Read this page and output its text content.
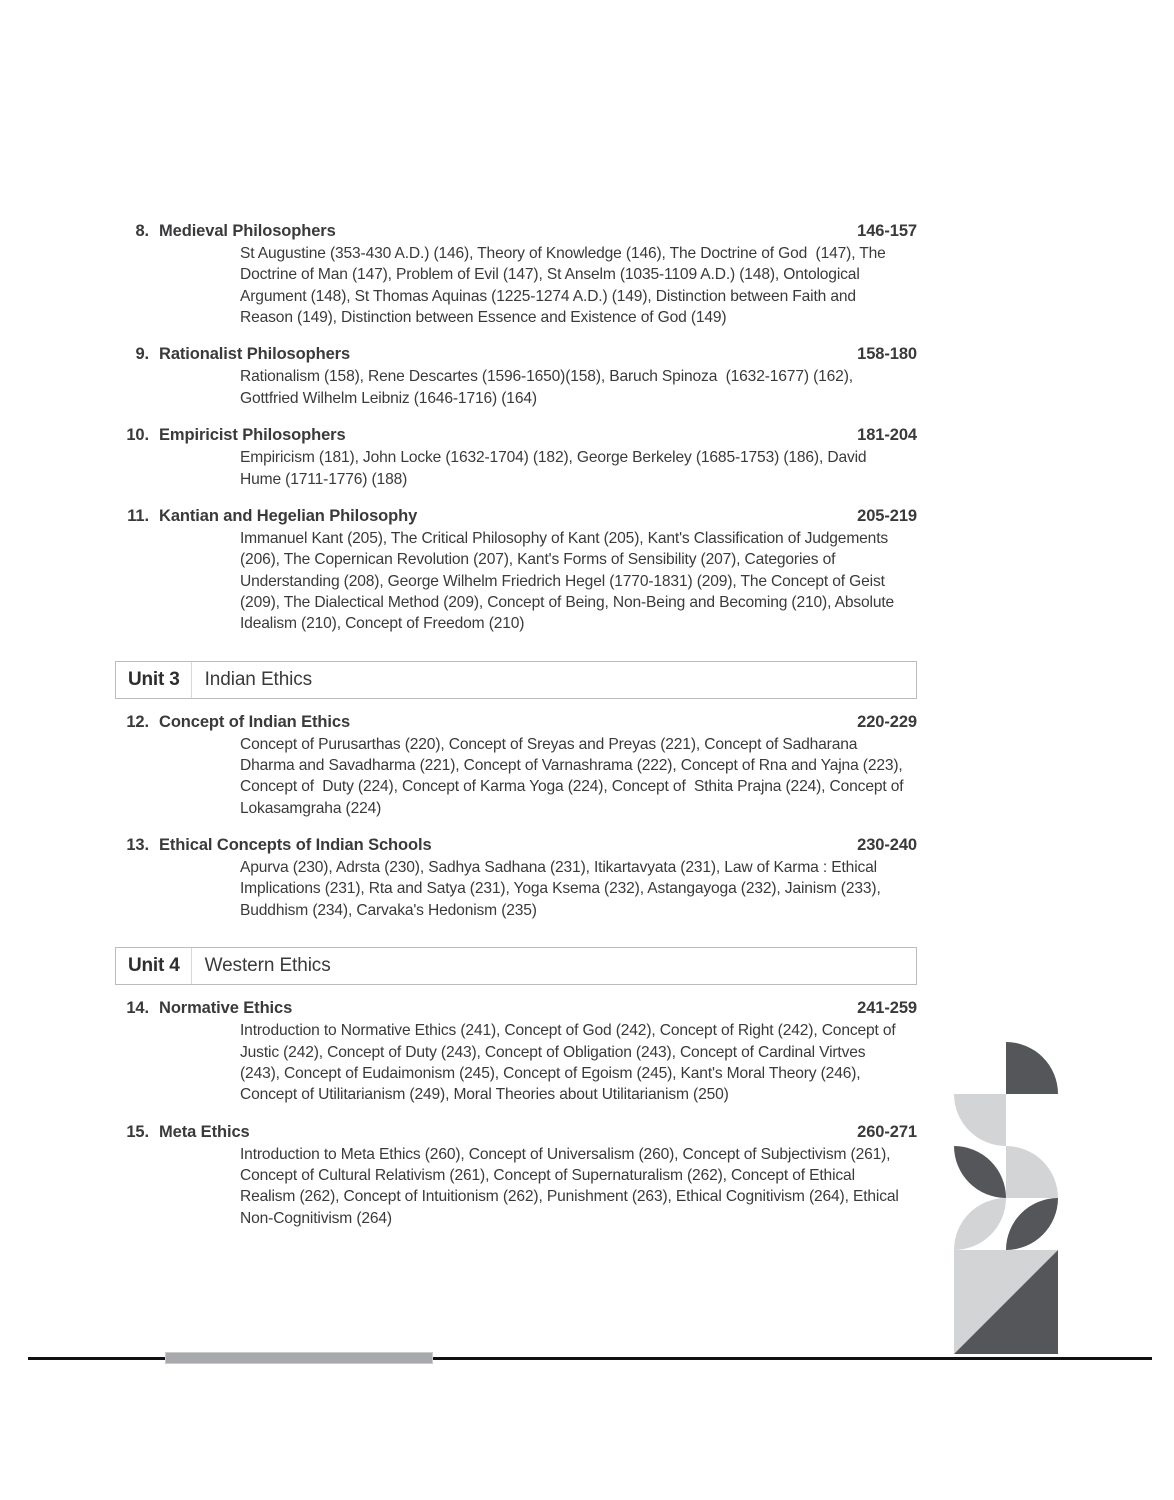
8. Medieval Philosophers	146-157
St Augustine (353-430 A.D.) (146), Theory of Knowledge (146), The Doctrine of God  (147), The Doctrine of Man (147), Problem of Evil (147), St Anselm (1035-1109 A.D.) (148), Ontological Argument (148), St Thomas Aquinas (1225-1274 A.D.) (149), Distinction between Faith and Reason (149), Distinction between Essence and Existence of God (149)
9. Rationalist Philosophers	158-180
Rationalism (158), Rene Descartes (1596-1650)(158), Baruch Spinoza  (1632-1677) (162), Gottfried Wilhelm Leibniz (1646-1716) (164)
10. Empiricist Philosophers	181-204
Empiricism (181), John Locke (1632-1704) (182), George Berkeley (1685-1753) (186), David Hume (1711-1776) (188)
11. Kantian and Hegelian Philosophy	205-219
Immanuel Kant (205), The Critical Philosophy of Kant (205), Kant's Classification of Judgements  (206), The Copernican Revolution (207), Kant's Forms of Sensibility (207), Categories of Understanding (208), George Wilhelm Friedrich Hegel (1770-1831) (209), The Concept of Geist (209), The Dialectical Method (209), Concept of Being, Non-Being and Becoming (210), Absolute Idealism (210), Concept of Freedom (210)
Unit 3	Indian Ethics
12. Concept of Indian Ethics	220-229
Concept of Purusarthas (220), Concept of Sreyas and Preyas (221), Concept of Sadharana Dharma and Savadharma (221), Concept of Varnashrama (222), Concept of Rna and Yajna (223), Concept of  Duty (224), Concept of Karma Yoga (224), Concept of  Sthita Prajna (224), Concept of Lokasamgraha (224)
13. Ethical Concepts of Indian Schools	230-240
Apurva (230), Adrsta (230), Sadhya Sadhana (231), Itikartavyata (231), Law of Karma : Ethical Implications (231), Rta and Satya (231), Yoga Ksema (232), Astangayoga (232), Jainism (233), Buddhism (234), Carvaka's Hedonism (235)
Unit 4	Western Ethics
14. Normative Ethics	241-259
Introduction to Normative Ethics (241), Concept of God (242), Concept of Right (242), Concept of Justic (242), Concept of Duty (243), Concept of Obligation (243), Concept of Cardinal Virtves (243), Concept of Eudaimonism (245), Concept of Egoism (245), Kant's Moral Theory (246), Concept of Utilitarianism (249), Moral Theories about Utilitarianism (250)
15. Meta Ethics	260-271
Introduction to Meta Ethics (260), Concept of Universalism (260), Concept of Subjectivism (261), Concept of Cultural Relativism (261), Concept of Supernaturalism (262), Concept of Ethical Realism (262), Concept of Intuitionism (262), Punishment (263), Ethical Cognitivism (264), Ethical Non-Cognitivism (264)
